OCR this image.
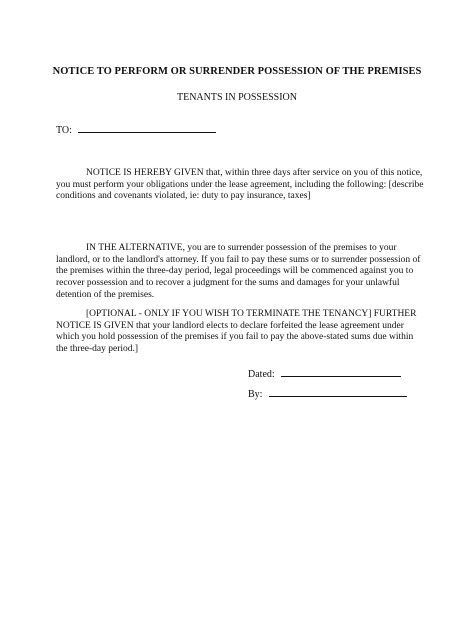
NOTICE TO PERFORM OR SURRENDER POSSESSION OF THE PREMISES
TENANTS IN POSSESSION
TO:

NOTICE IS HEREBY GIVEN that, within three days after service on you of this notice, you must perform your obligations under the lease agreement, including the following: [describe conditions and covenants violated, ie: duty to pay insurance, taxes]

IN THE ALTERNATIVE, you are to surrender possession of the premises to your landlord, or to the landlord's attorney. If you fail to pay these sums or to surrender possession of the premises within the three-day period, legal proceedings will be commenced against you to recover possession and to recover a judgment for the sums and damages for your unlawful detention of the premises.

[OPTIONAL - ONLY IF YOU WISH TO TERMINATE THE TENANCY] FURTHER NOTICE IS GIVEN that your landlord elects to declare forfeited the lease agreement under which you hold possession of the premises if you fail to pay the above-stated sums due within the three-day period.]

Dated:
By:
